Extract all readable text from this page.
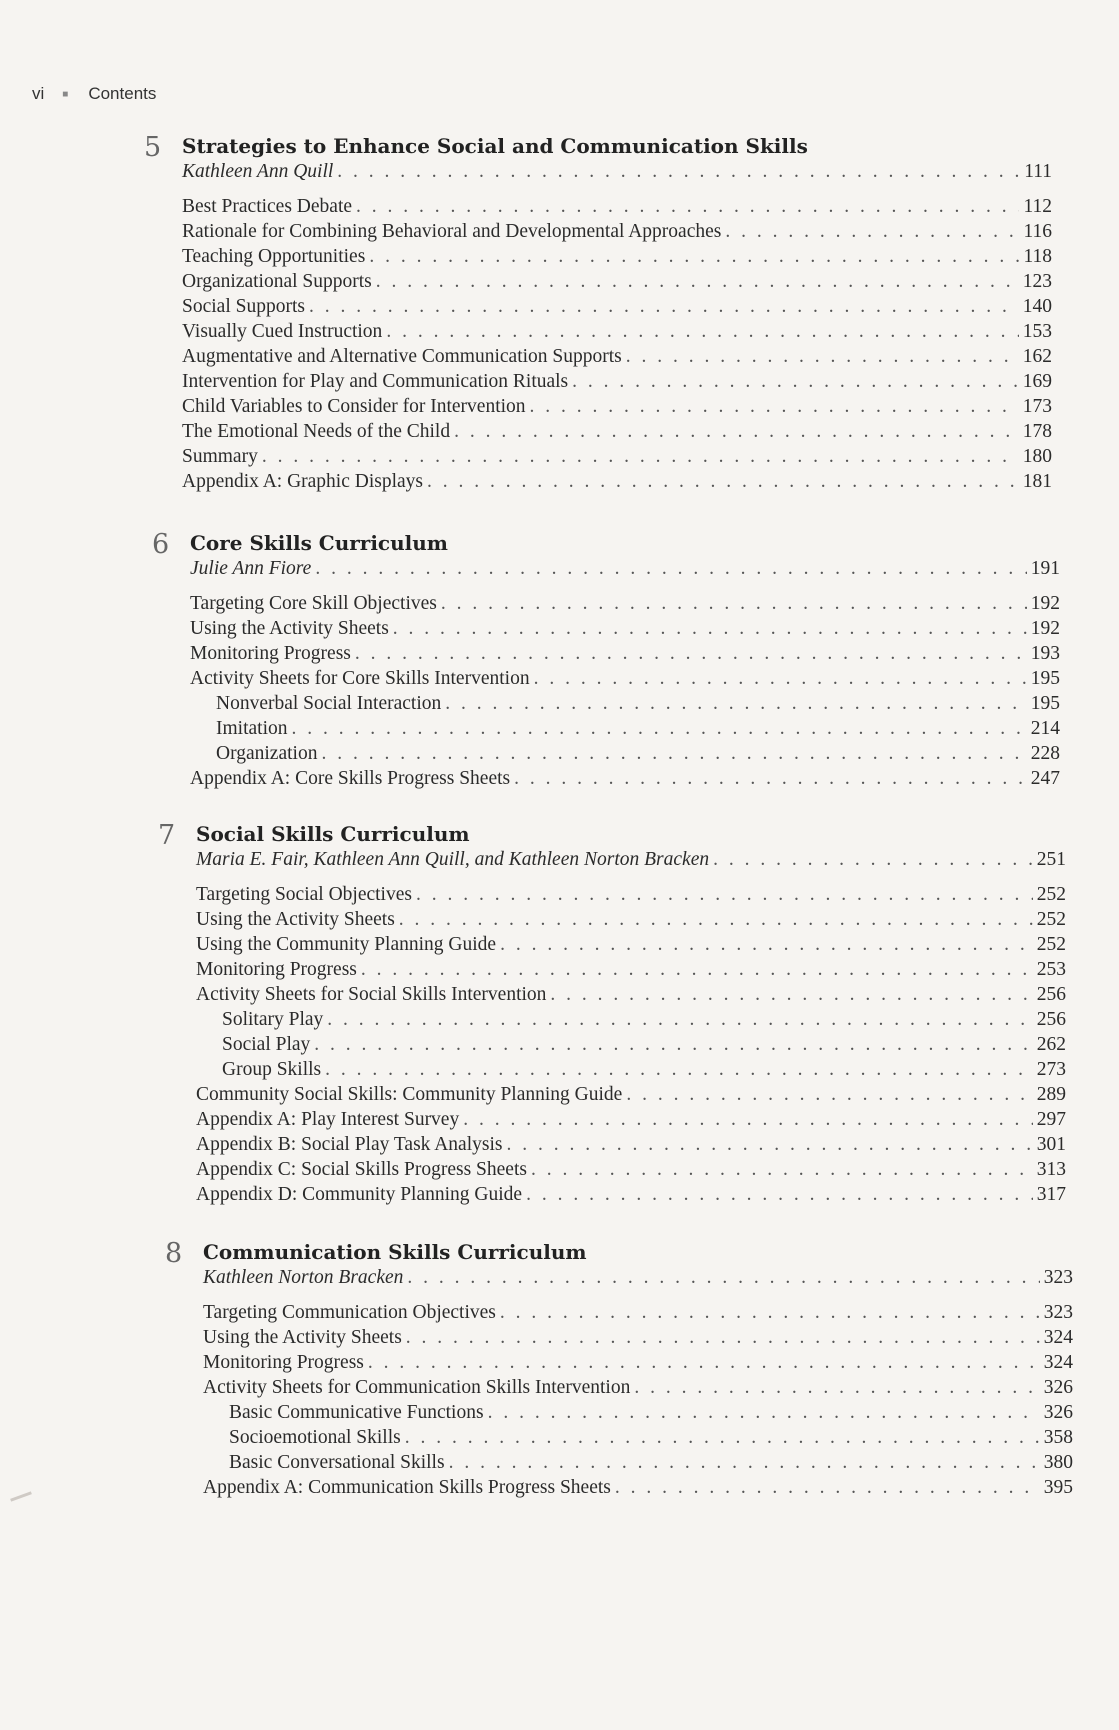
vi ■ Contents
5 Strategies to Enhance Social and Communication Skills
Kathleen Ann Quill . . .	111
Best Practices Debate . . .	112
Rationale for Combining Behavioral and Developmental Approaches . . .	116
Teaching Opportunities . . .	118
Organizational Supports . . .	123
Social Supports . . .	140
Visually Cued Instruction . . .	153
Augmentative and Alternative Communication Supports . . .	162
Intervention for Play and Communication Rituals . . .	169
Child Variables to Consider for Intervention . . .	173
The Emotional Needs of the Child . . .	178
Summary . . .	180
Appendix A: Graphic Displays . . .	181
6 Core Skills Curriculum
Julie Ann Fiore . . .	191
Targeting Core Skill Objectives . . .	192
Using the Activity Sheets . . .	192
Monitoring Progress . . .	193
Activity Sheets for Core Skills Intervention . . .	195
Nonverbal Social Interaction . . .	195
Imitation . . .	214
Organization . . .	228
Appendix A: Core Skills Progress Sheets . . .	247
7 Social Skills Curriculum
Maria E. Fair, Kathleen Ann Quill, and Kathleen Norton Bracken . . .	251
Targeting Social Objectives . . .	252
Using the Activity Sheets . . .	252
Using the Community Planning Guide . . .	252
Monitoring Progress . . .	253
Activity Sheets for Social Skills Intervention . . .	256
Solitary Play . . .	256
Social Play . . .	262
Group Skills . . .	273
Community Social Skills: Community Planning Guide . . .	289
Appendix A: Play Interest Survey . . .	297
Appendix B: Social Play Task Analysis . . .	301
Appendix C: Social Skills Progress Sheets . . .	313
Appendix D: Community Planning Guide . . .	317
8 Communication Skills Curriculum
Kathleen Norton Bracken . . .	323
Targeting Communication Objectives . . .	323
Using the Activity Sheets . . .	324
Monitoring Progress . . .	324
Activity Sheets for Communication Skills Intervention . . .	326
Basic Communicative Functions . . .	326
Socioemotional Skills . . .	358
Basic Conversational Skills . . .	380
Appendix A: Communication Skills Progress Sheets . . .	395
